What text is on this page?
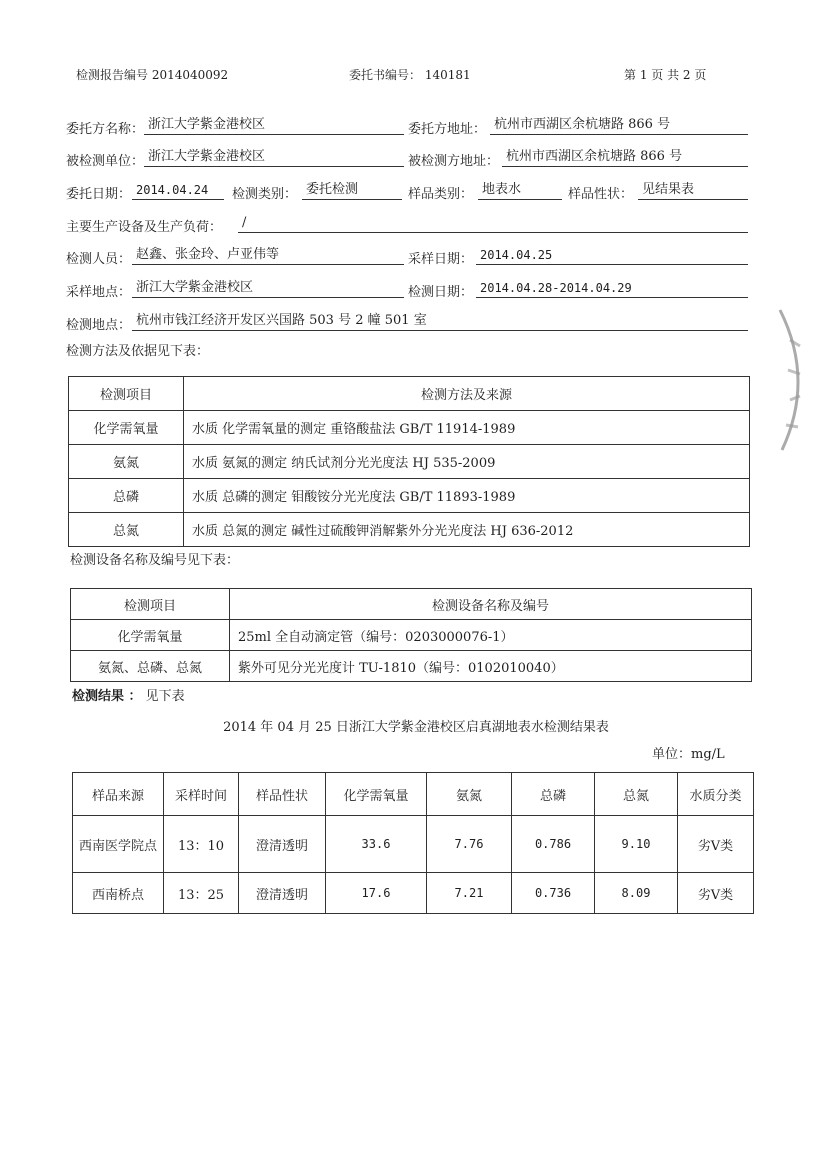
检测报告编号 2014040092	委托书编号： 140181	第 1 页 共 2 页
委托方名称： 浙江大学紫金港校区	委托方地址： 杭州市西湖区余杭塘路 866 号
被检测单位： 浙江大学紫金港校区	被检测方地址： 杭州市西湖区余杭塘路 866 号
委托日期： 2014.04.24	检测类别： 委托检测	样品类别： 地表水	样品性状： 见结果表
主要生产设备及生产负荷：	/
检测人员： 赵鑫、张金玲、卢亚伟等	采样日期： 2014.04.25
采样地点： 浙江大学紫金港校区	检测日期： 2014.04.28-2014.04.29
检测地点： 杭州市钱江经济开发区兴国路 503 号 2 幢 501 室
检测方法及依据见下表：
检测项目	检测方法及来源
化学需氧量	水质 化学需氧量的测定 重铬酸盐法 GB/T 11914-1989
氨氮	水质 氨氮的测定 纳氏试剂分光光度法 HJ 535-2009
总磷	水质 总磷的测定 钼酸铵分光光度法 GB/T 11893-1989
总氮	水质 总氮的测定 碱性过硫酸钾消解紫外分光光度法 HJ 636-2012
检测设备名称及编号见下表：
检测项目	检测设备名称及编号
化学需氧量	25ml 全自动滴定管（编号：0203000076-1）
氨氮、总磷、总氮	紫外可见分光光度计 TU-1810（编号：0102010040）
检测结果 ： 见下表
2014 年 04 月 25 日浙江大学紫金港校区启真湖地表水检测结果表
单位：mg/L
样品来源	采样时间	样品性状	化学需氧量	氨氮	总磷	总氮	水质分类
西南医学院点	13：10	澄清透明	33.6	7.76	0.786	9.10	劣Ⅴ类
西南桥点	13：25	澄清透明	17.6	7.21	0.736	8.09	劣Ⅴ类
